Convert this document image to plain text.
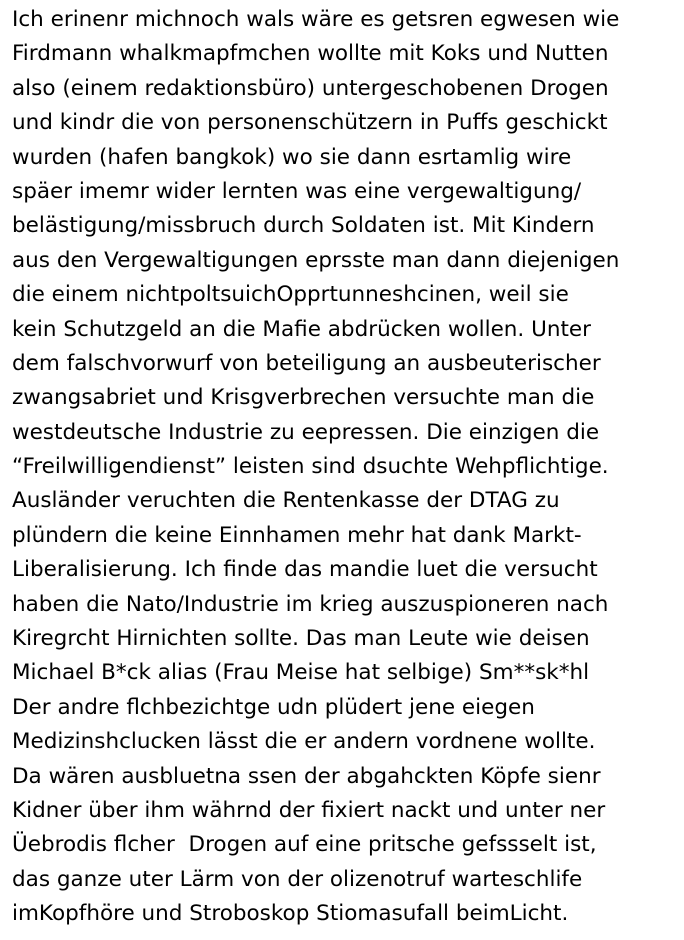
Ich erinenr michnoch wals wäre es getsren egwesen wie
Firdmann whalkmapfmchen wollte mit Koks und Nutten
also (einem redaktionsbüro) untergeschobenen Drogen
und kindr die von personenschützern in Puffs geschickt
wurden (hafen bangkok) wo sie dann esrtamlig wire
späer imemr wider lernten was eine vergewaltigung/
belästigung/missbruch durch Soldaten ist. Mit Kindern
aus den Vergewaltigungen eprsste man dann diejenigen
die einem nichtpoltsuichOpprtunneshcinen, weil sie
kein Schutzgeld an die Mafie abdrücken wollen. Unter
dem falschvorwurf von beteiligung an ausbeuterischer
zwangsabriet und Krisgverbrechen versuchte man die
westdeutsche Industrie zu eepressen. Die einzigen die
“Freilwilligendienst” leisten sind dsuchte Wehpflichtige.
Ausländer veruchten die Rentenkasse der DTAG zu
plündern die keine Einnhamen mehr hat dank Markt-
Liberalisierung. Ich finde das mandie luet die versucht
haben die Nato/Industrie im krieg auszuspioneren nach
Kiregrcht Hirnichten sollte. Das man Leute wie deisen
Michael B*ck alias (Frau Meise hat selbige) Sm**sk*hl
Der andre flchbezichtge udn plüdert jene eiegen
Medizinshclucken lässt die er andern vordnene wollte.
Da wären ausbluetna ssen der abgahckten Köpfe sienr
Kidner über ihm währnd der fixiert nackt und unter ner
Üebrodis flcher  Drogen auf eine pritsche gefssselt ist,
das ganze uter Lärm von der olizenotruf warteschlife
imKopfhöre und Stroboskop Stiomasufall beimLicht.
